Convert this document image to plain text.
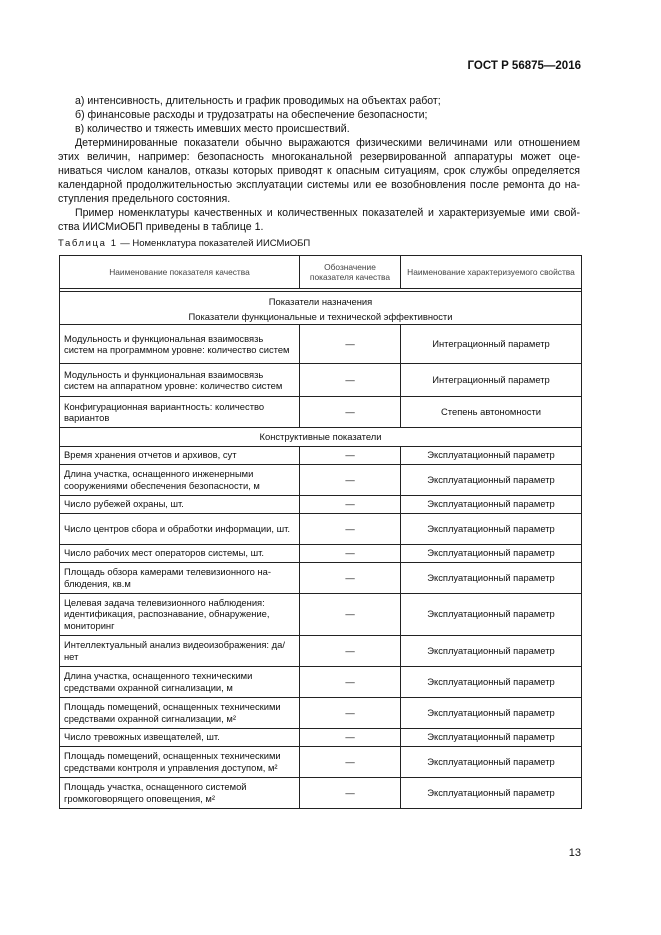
ГОСТ Р 56875—2016

а) интенсивность, длительность и график проводимых на объектах работ;

б) финансовые расходы и трудозатраты на обеспечение безопасности;

в) количество и тяжесть имевших место происшествий.

Детерминированные показатели обычно выражаются физическими величинами или отношением этих величин, например: безопасность многоканальной резервированной аппаратуры может оцениваться числом каналов, отказы которых приводят к опасным ситуациям, срок службы определяется календарной продолжительностью эксплуатации системы или ее возобновления после ремонта до наступления предельного состояния.

Пример номенклатуры качественных и количественных показателей и характеризуемые ими свойства ИИСМиОБП приведены в таблице 1.

Таблица 1 — Номенклатура показателей ИИСМиОБП
Наименование показателя качества	Обозначение показателя качества	Наименование характеризуемого свойства

Показатели назначения
Показатели функциональные и технической эффективности		

Модульность и функциональная взаимосвязь систем на программном уровне: количество систем	—	Интеграционный параметр
Модульность и функциональная взаимосвязь систем на аппаратном уровне: количество систем	—	Интеграционный параметр
Конфигурационная вариантность: количество вариантов	—	Степень автономности
Конструктивные показатели		
Время хранения отчетов и архивов, сут	—	Эксплуатационный параметр
Длина участка, оснащенного инженерными сооружениями обеспечения безопасности, м	—	Эксплуатационный параметр
Число рубежей охраны, шт.	—	Эксплуатационный параметр
Число центров сбора и обработки информации, шт.	—	Эксплуатационный параметр
Число рабочих мест операторов системы, шт.	—	Эксплуатационный параметр
Площадь обзора камерами телевизионного наблюдения, кв.м	—	Эксплуатационный параметр
Целевая задача телевизионного наблюдения: идентификация, распознавание, обнаружение, мониторинг	—	Эксплуатационный параметр
Интеллектуальный анализ видеоизображения: да/нет	—	Эксплуатационный параметр
Длина участка, оснащенного техническими средствами охранной сигнализации, м	—	Эксплуатационный параметр
Площадь помещений, оснащенных техническими средствами охранной сигнализации, м²	—	Эксплуатационный параметр
Число тревожных извещателей, шт.	—	Эксплуатационный параметр
Площадь помещений, оснащенных техническими средствами контроля и управления доступом, м²	—	Эксплуатационный параметр
Площадь участка, оснащенного системой громкоговорящего оповещения, м²	—	Эксплуатационный параметр
13
